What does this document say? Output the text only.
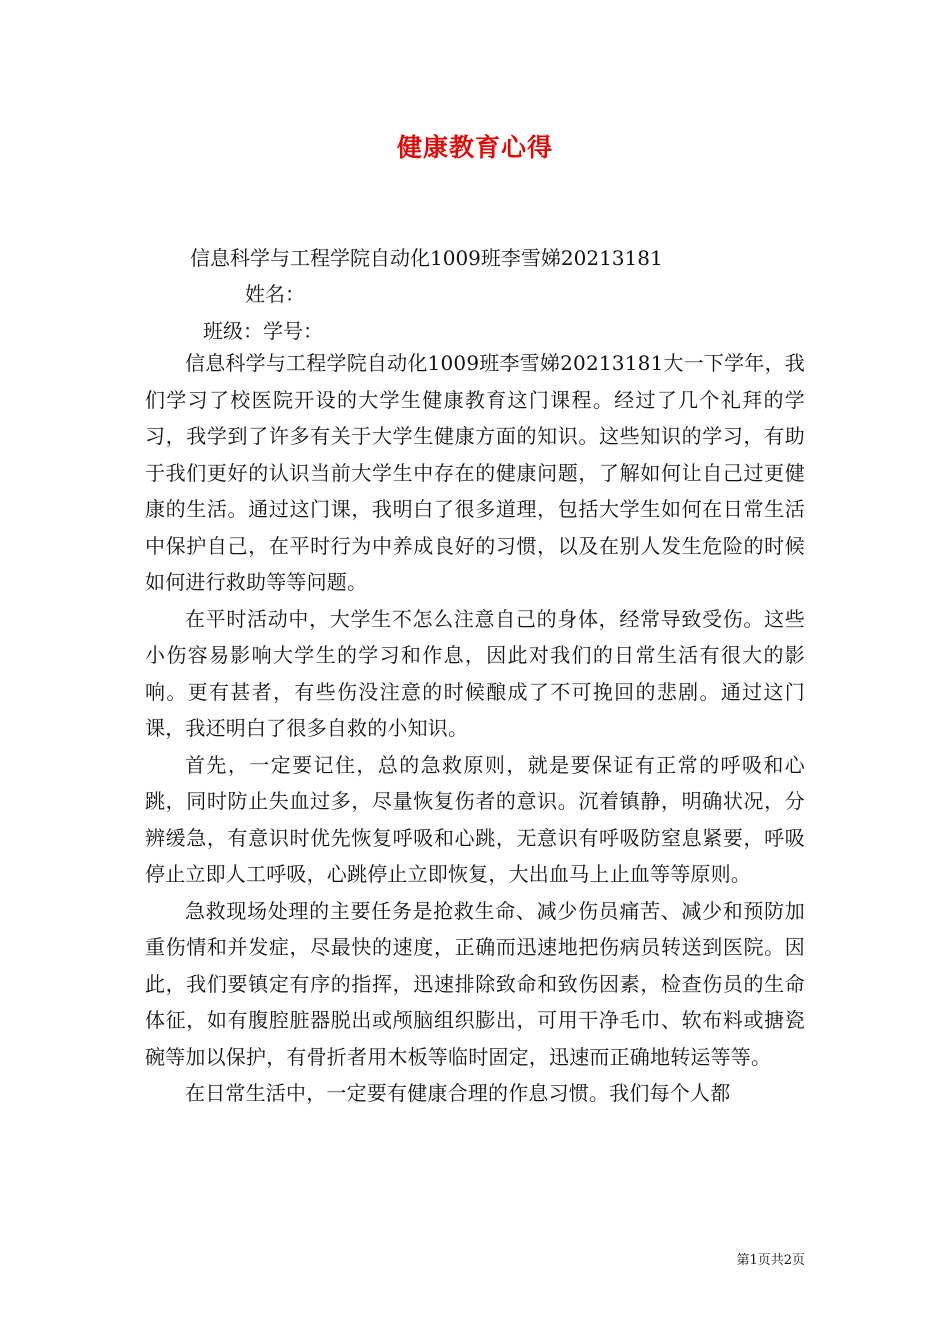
健康教育心得
信息科学与工程学院自动化1009班李雪娣20213181
姓名：
班级：学号：

信息科学与工程学院自动化1009班李雪娣20213181大一下学年，我们学习了校医院开设的大学生健康教育这门课程。经过了几个礼拜的学习，我学到了许多有关于大学生健康方面的知识。这些知识的学习，有助于我们更好的认识当前大学生中存在的健康问题，了解如何让自己过更健康的生活。通过这门课，我明白了很多道理，包括大学生如何在日常生活中保护自己，在平时行为中养成良好的习惯，以及在别人发生危险的时候如何进行救助等等问题。

在平时活动中，大学生不怎么注意自己的身体，经常导致受伤。这些小伤容易影响大学生的学习和作息，因此对我们的日常生活有很大的影响。更有甚者，有些伤没注意的时候酿成了不可挽回的悲剧。通过这门课，我还明白了很多自救的小知识。

首先，一定要记住，总的急救原则，就是要保证有正常的呼吸和心跳，同时防止失血过多，尽量恢复伤者的意识。沉着镇静，明确状况，分辨缓急，有意识时优先恢复呼吸和心跳，无意识有呼吸防窒息紧要，呼吸停止立即人工呼吸，心跳停止立即恢复，大出血马上止血等等原则。

急救现场处理的主要任务是抢救生命、减少伤员痛苦、减少和预防加重伤情和并发症，尽最快的速度，正确而迅速地把伤病员转送到医院。因此，我们要镇定有序的指挥，迅速排除致命和致伤因素，检查伤员的生命体征，如有腹腔脏器脱出或颅脑组织膨出，可用干净毛巾、软布料或搪瓷碗等加以保护，有骨折者用木板等临时固定，迅速而正确地转运等等。

在日常生活中，一定要有健康合理的作息习惯。我们每个人都

第1页共2页
